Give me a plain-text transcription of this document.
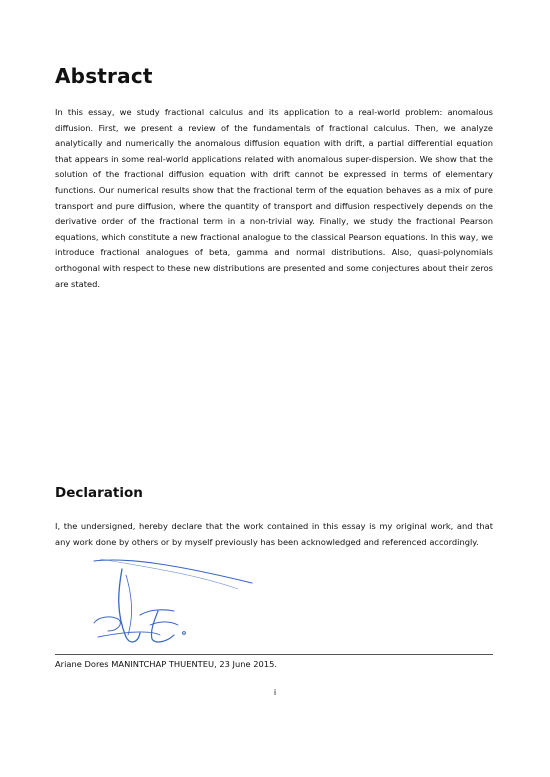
Abstract

In this essay, we study fractional calculus and its application to a real-world problem: anomalous diffusion. First, we present a review of the fundamentals of fractional calculus. Then, we analyze analytically and numerically the anomalous diffusion equation with drift, a partial differential equation that appears in some real-world applications related with anomalous super-dispersion. We show that the solution of the fractional diffusion equation with drift cannot be expressed in terms of elementary functions. Our numerical results show that the fractional term of the equation behaves as a mix of pure transport and pure diffusion, where the quantity of transport and diffusion respectively depends on the derivative order of the fractional term in a non-trivial way. Finally, we study the fractional Pearson equations, which constitute a new fractional analogue to the classical Pearson equations. In this way, we introduce fractional analogues of beta, gamma and normal distributions. Also, quasi-polynomials orthogonal with respect to these new distributions are presented and some conjectures about their zeros are stated.

Declaration

I, the undersigned, hereby declare that the work contained in this essay is my original work, and that any work done by others or by myself previously has been acknowledged and referenced accordingly.

Ariane Dores MANINTCHAP THUENTEU, 23 June 2015.

i
